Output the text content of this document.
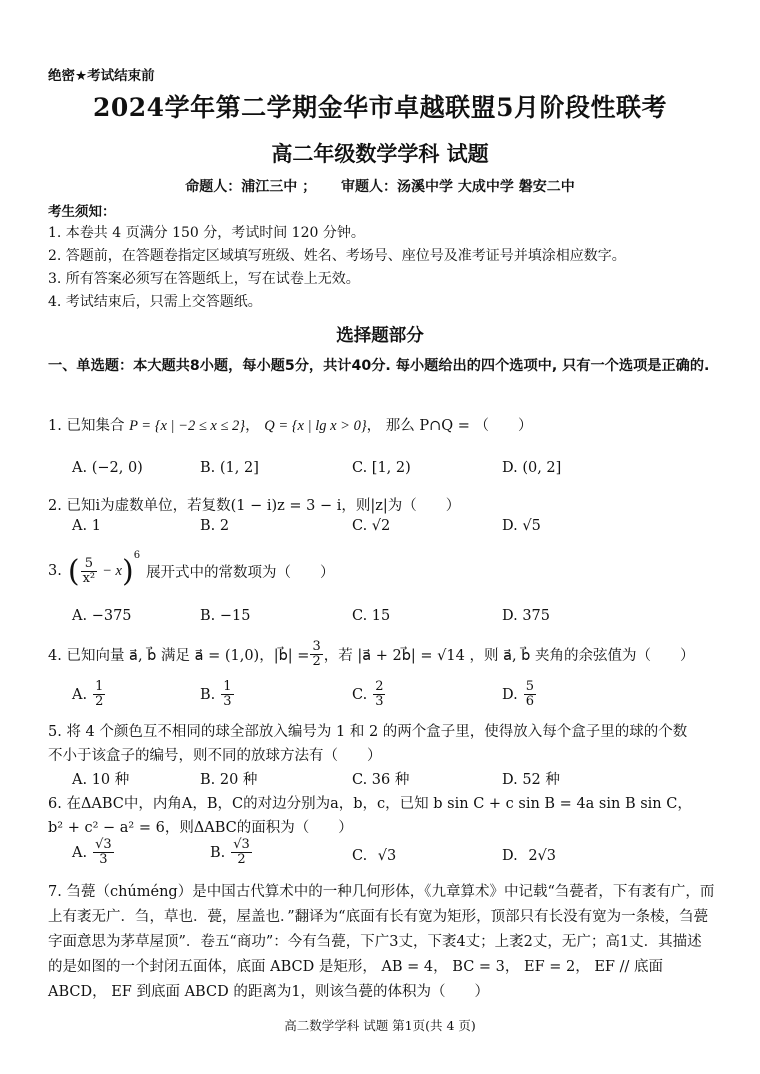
绝密★考试结束前
2024学年第二学期金华市卓越联盟5月阶段性联考
高二年级数学学科 试题
命题人：浦江三中 ； 审题人：汤溪中学 大成中学 磐安二中
考生须知：
1. 本卷共 4 页满分 150 分，考试时间 120 分钟。
2. 答题前，在答题卷指定区域填写班级、姓名、考场号、座位号及准考证号并填涂相应数字。
3. 所有答案必须写在答题纸上，写在试卷上无效。
4. 考试结束后，只需上交答题纸。
选择题部分
一、单选题：本大题共8小题，每小题5分，共计40分. 每小题给出的四个选项中, 只有一个选项是正确的.
1. 已知集合 P = {x | −2 ≤ x ≤ 2}， Q = {x | lg x > 0}， 那么 P∩Q = （　　）
A. (−2, 0)	B. (1, 2]	C. [1, 2)	D. (0, 2]
2. 已知i为虚数单位，若复数(1 − i)z = 3 − i，则|z|为（　　）
A. 1	B. 2	C. √2	D. √5
3. ( $\frac{5}{\text{x²}} - x$ )$^6$
展开式中的常数项为（　　）
A. −375	B. −15	C. 15	D. 375
4. 已知向量 a⃗, b⃗ 满足 a⃗ = (1,0)，|b⃗| = $\frac{3}{2}$ ，若 |a⃗ + 2b⃗| = √14 ，则 a⃗, b⃗ 夹角的余弦值为（　　）
A. $\frac{1}{2}$	B. $\frac{1}{3}$	C. $\frac{2}{3}$	D. $\frac{5}{6}$
5. 将 4 个颜色互不相同的球全部放入编号为 1 和 2 的两个盒子里，使得放入每个盒子里的球的个数
不小于该盒子的编号，则不同的放球方法有（　　）
A. 10 种	B. 20 种	C. 36 种	D. 52 种
6. 在ΔABC中，内角A，B，C的对边分别为a，b，c，已知 b sin C + c sin B = 4a sin B sin C，
b² + c² − a² = 6，则ΔABC的面积为（　　）
A. $\frac{√3}{3}$	B. $\frac{√3}{2}$	C. √3	D. 2√3
7. 刍甍（chúméng）是中国古代算术中的一种几何形体，《九章算术》中记载“刍甍者，下有袤有广，而上有袤无广．刍，草也．甍，屋盖也．”翻译为“底面有长有宽为矩形，顶部只有长没有宽为一条棱，刍甍字面意思为茅草屋顶”．卷五“商功”：今有刍甍，下广3丈，下袤4丈；上袤2丈，无广；高1丈．其描述的是如图的一个封闭五面体，底面 ABCD 是矩形， AB = 4， BC = 3， EF = 2， EF // 底面 ABCD， EF 到底面 ABCD 的距离为1，则该刍甍的体积为（　　）
高二数学学科 试题 第1页(共 4 页)
